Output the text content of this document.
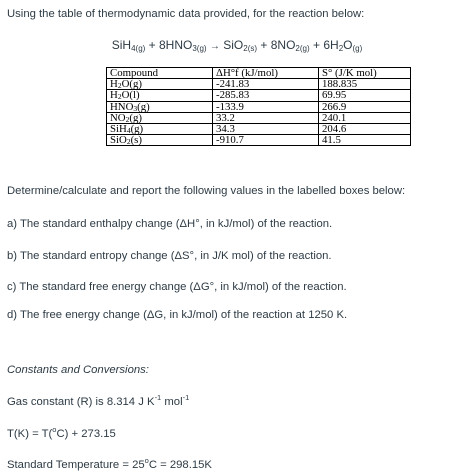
Using the table of thermodynamic data provided, for the reaction below:

$SiH_{4(g)} + 8HNO_{3(g)} \to SiO_{2(s)} + 8NO_{2(g)} + 6H_2O_{(g)}$
Compound	ΔH°f (kJ/mol)	S° (J/K mol)
$H_2O(g)$	-241.83	188.835
$H_2O(l)$	-285.83	69.95
$HNO_3(g)$	-133.9	266.9
$NO_2(g)$	33.2	240.1
SiH$_4$(g)	34.3	204.6
SiO$_2$(s)	-910.7	41.5

Determine/calculate and report the following values in the labelled boxes below:

a) The standard enthalpy change (ΔH°, in kJ/mol) of the reaction.

b) The standard entropy change (ΔS°, in J/K mol) of the reaction.

c) The standard free energy change (ΔG°, in kJ/mol) of the reaction.

d) The free energy change (ΔG, in kJ/mol) of the reaction at 1250 K.

Constants and Conversions:

Gas constant (R) is 8.314 J $K^{-1}$ mol$^{-1}$

T(K) = T($^o$C) + 273.15

Standard Temperature = $25^oC = 298.15K$
